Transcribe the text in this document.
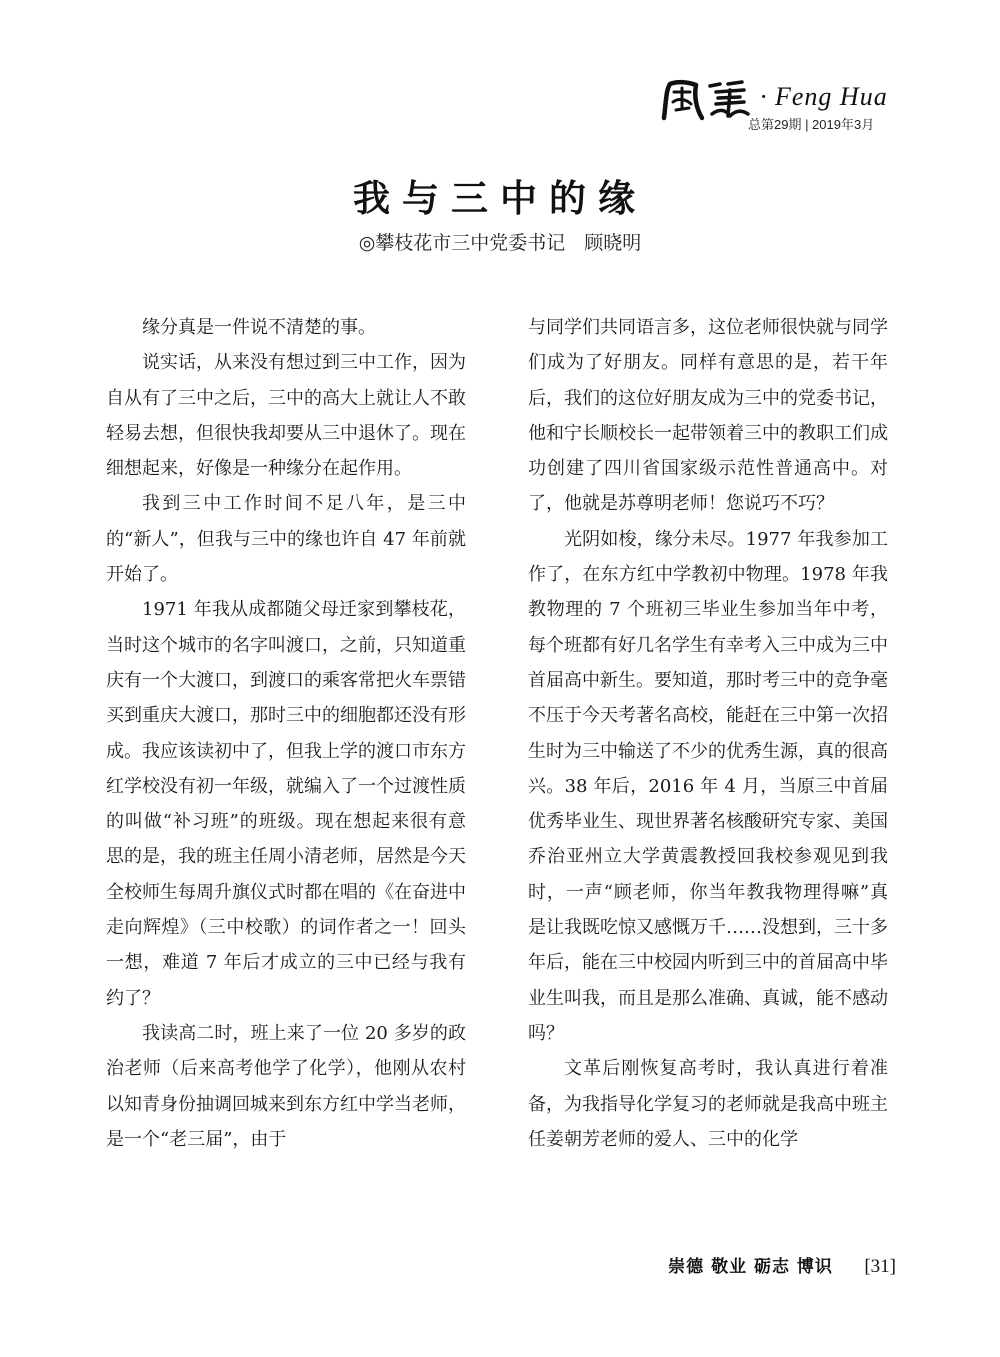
· Feng Hua
总第29期 | 2019年3月
我与三中的缘
◎攀枝花市三中党委书记　顾晓明

缘分真是一件说不清楚的事。

说实话，从来没有想过到三中工作，因为自从有了三中之后，三中的高大上就让人不敢轻易去想，但很快我却要从三中退休了。现在细想起来，好像是一种缘分在起作用。

我到三中工作时间不足八年，是三中的“新人”，但我与三中的缘也许自 47 年前就开始了。

1971 年我从成都随父母迁家到攀枝花，当时这个城市的名字叫渡口，之前，只知道重庆有一个大渡口，到渡口的乘客常把火车票错买到重庆大渡口，那时三中的细胞都还没有形成。我应该读初中了，但我上学的渡口市东方红学校没有初一年级，就编入了一个过渡性质的叫做“补习班”的班级。现在想起来很有意思的是，我的班主任周小清老师，居然是今天全校师生每周升旗仪式时都在唱的《在奋进中走向辉煌》（三中校歌）的词作者之一！回头一想，难道 7 年后才成立的三中已经与我有约了？

我读高二时，班上来了一位 20 多岁的政治老师（后来高考他学了化学），他刚从农村以知青身份抽调回城来到东方红中学当老师，是一个“老三届”，由于

与同学们共同语言多，这位老师很快就与同学们成为了好朋友。同样有意思的是，若干年后，我们的这位好朋友成为三中的党委书记，他和宁长顺校长一起带领着三中的教职工们成功创建了四川省国家级示范性普通高中。对了，他就是苏尊明老师！您说巧不巧？

光阴如梭，缘分未尽。1977 年我参加工作了，在东方红中学教初中物理。1978 年我教物理的 7 个班初三毕业生参加当年中考，每个班都有好几名学生有幸考入三中成为三中首届高中新生。要知道，那时考三中的竞争毫不压于今天考著名高校，能赶在三中第一次招生时为三中输送了不少的优秀生源，真的很高兴。38 年后，2016 年 4 月，当原三中首届优秀毕业生、现世界著名核酸研究专家、美国乔治亚州立大学黄震教授回我校参观见到我时，一声“顾老师，你当年教我物理得嘛”真是让我既吃惊又感慨万千……没想到，三十多年后，能在三中校园内听到三中的首届高中毕业生叫我，而且是那么准确、真诚，能不感动吗？

文革后刚恢复高考时，我认真进行着准备，为我指导化学复习的老师就是我高中班主任姜朝芳老师的爱人、三中的化学

崇德 敬业 砺志 博识 [31]
